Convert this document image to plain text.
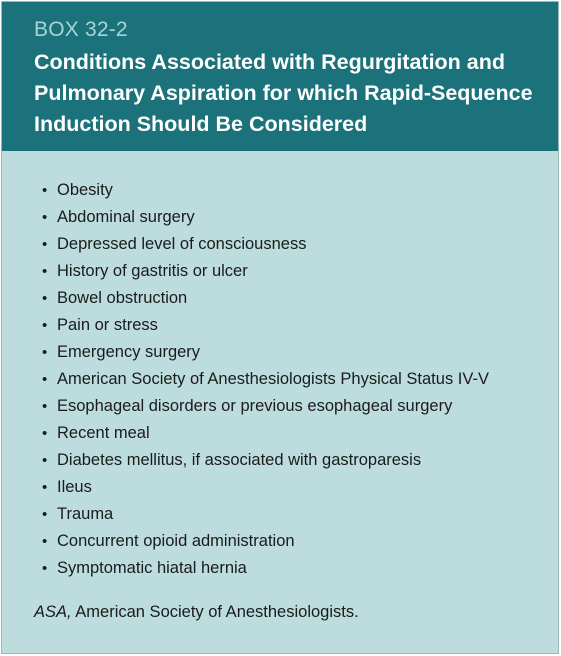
BOX 32-2
Conditions Associated with Regurgitation and Pulmonary Aspiration for which Rapid-Sequence Induction Should Be Considered
• Obesity
• Abdominal surgery
• Depressed level of consciousness
• History of gastritis or ulcer
• Bowel obstruction
• Pain or stress
• Emergency surgery
• American Society of Anesthesiologists Physical Status IV-V
• Esophageal disorders or previous esophageal surgery
• Recent meal
• Diabetes mellitus, if associated with gastroparesis
• Ileus
• Trauma
• Concurrent opioid administration
• Symptomatic hiatal hernia
ASA, American Society of Anesthesiologists.
